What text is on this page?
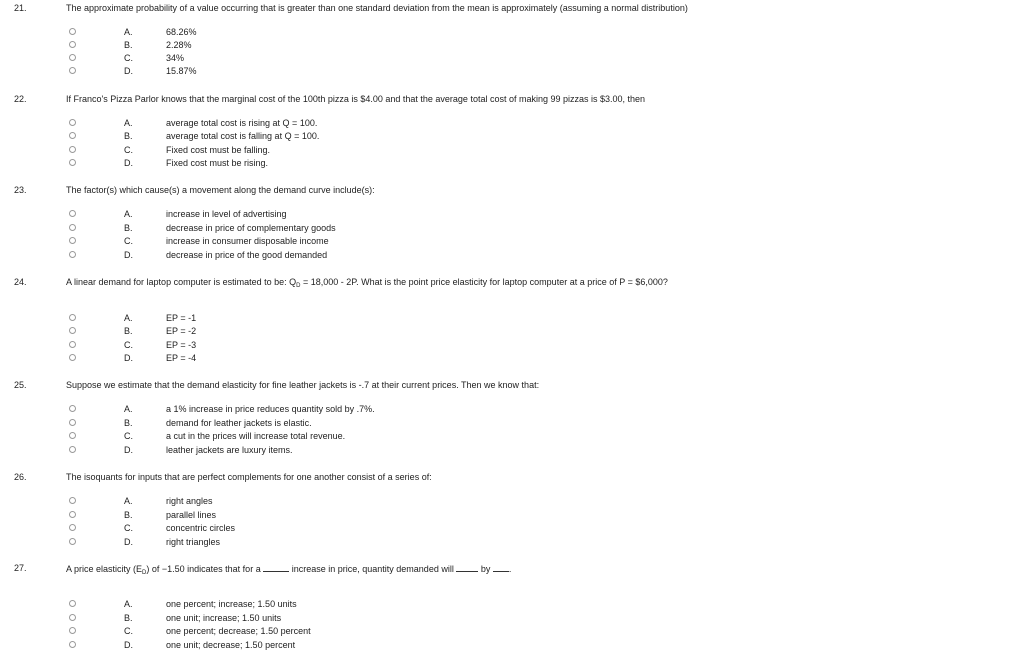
21.	The approximate probability of a value occurring that is greater than one standard deviation from the mean is approximately (assuming a normal distribution)
A.	68.26%
B.	2.28%
C.	34%
D.	15.87%
22.	If Franco's Pizza Parlor knows that the marginal cost of the 100th pizza is $4.00 and that the average total cost of making 99 pizzas is $3.00, then
A.	average total cost is rising at Q = 100.
B.	average total cost is falling at Q = 100.
C.	Fixed cost must be falling.
D.	Fixed cost must be rising.
23.	The factor(s) which cause(s) a movement along the demand curve include(s):
A.	increase in level of advertising
B.	decrease in price of complementary goods
C.	increase in consumer disposable income
D.	decrease in price of the good demanded
24.	A linear demand for laptop computer is estimated to be: $Q_D = 18,000 - 2P$. What is the point price elasticity for laptop computer at a price of P = $6,000?
A.	EP = -1
B.	EP = -2
C.	EP = -3
D.	EP = -4
25.	Suppose we estimate that the demand elasticity for fine leather jackets is -.7 at their current prices. Then we know that:
A.	a 1% increase in price reduces quantity sold by .7%.
B.	demand for leather jackets is elastic.
C.	a cut in the prices will increase total revenue.
D.	leather jackets are luxury items.
26.	The isoquants for inputs that are perfect complements for one another consist of a series of:
A.	right angles
B.	parallel lines
C.	concentric circles
D.	right triangles
27.	A price elasticity $(E_D)$ of −1.50 indicates that for a	increase in price, quantity demanded will	by .
A.	one percent; increase; 1.50 units
B.	one unit; increase; 1.50 units
C.	one percent; decrease; 1.50 percent
D.	one unit; decrease; 1.50 percent
